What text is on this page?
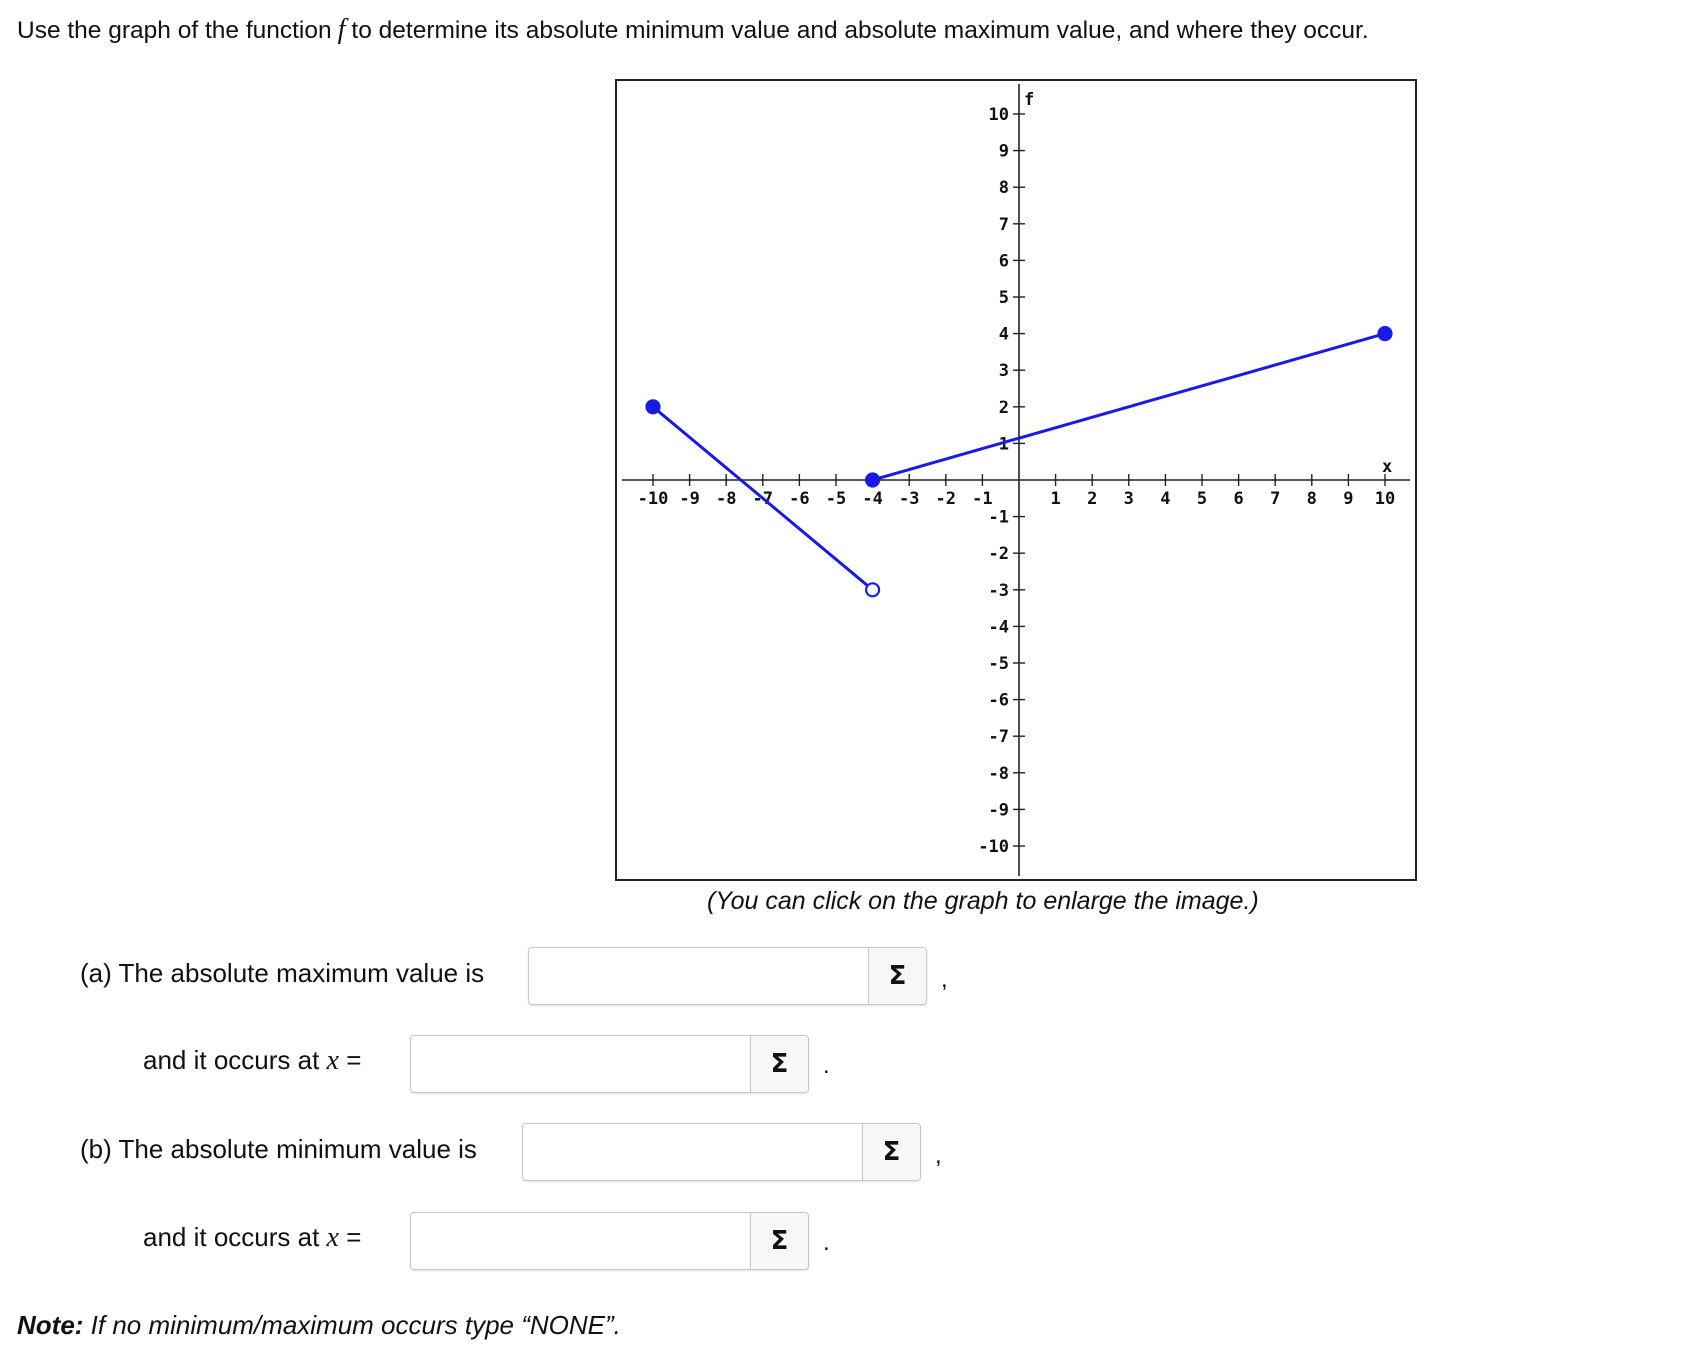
Use the graph of the function f to determine its absolute minimum value and absolute maximum value, and where they occur.
-10 -9 -8 -7 -6 -5 -4 -3 -2 -1	1 2 3 4 5 6 7 8 9 10
10
9
8
7
6
5
4
3
2
1
-1
-2
-3
-4
-5
-6
-7
-8
-9
-10
f
x
(You can click on the graph to enlarge the image.)
(a) The absolute maximum value is	Σ	,
and it occurs at x =	Σ	.
(b) The absolute minimum value is	Σ	,
and it occurs at x =	Σ	.
Note: If no minimum/maximum occurs type “NONE”.
